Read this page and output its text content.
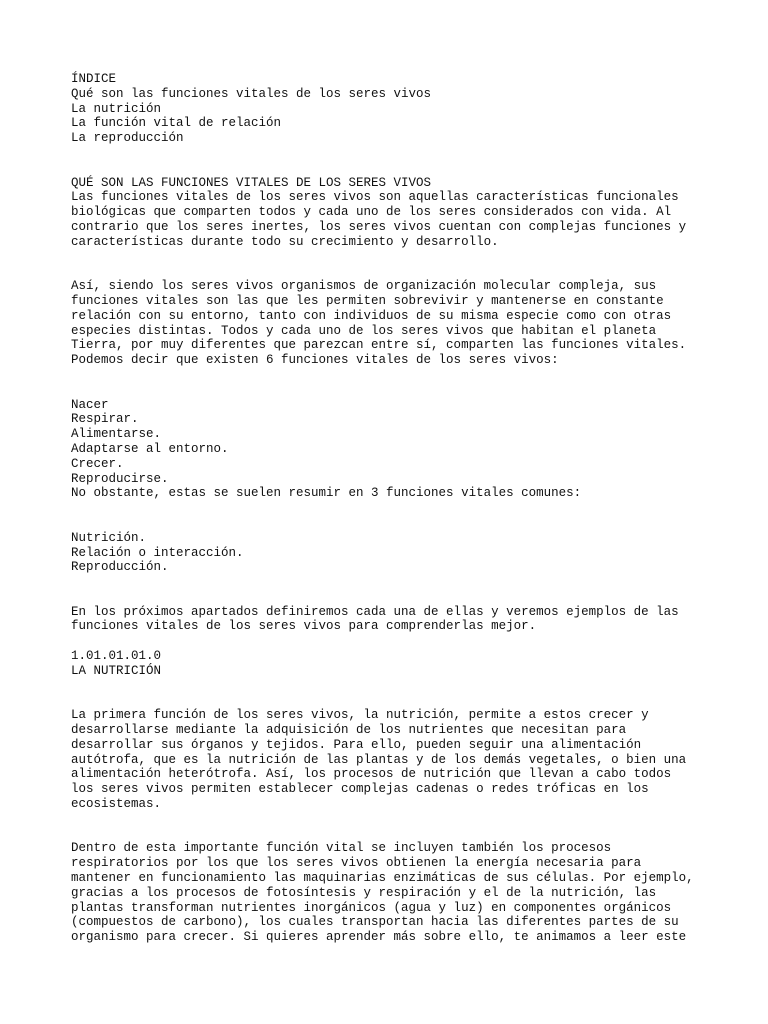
ÍNDICE
Qué son las funciones vitales de los seres vivos
La nutrición
La función vital de relación
La reproducción
QUÉ SON LAS FUNCIONES VITALES DE LOS SERES VIVOS
Las funciones vitales de los seres vivos son aquellas características funcionales
biológicas que comparten todos y cada uno de los seres considerados con vida. Al
contrario que los seres inertes, los seres vivos cuentan con complejas funciones y
características durante todo su crecimiento y desarrollo.
Así, siendo los seres vivos organismos de organización molecular compleja, sus
funciones vitales son las que les permiten sobrevivir y mantenerse en constante
relación con su entorno, tanto con individuos de su misma especie como con otras
especies distintas. Todos y cada uno de los seres vivos que habitan el planeta
Tierra, por muy diferentes que parezcan entre sí, comparten las funciones vitales.
Podemos decir que existen 6 funciones vitales de los seres vivos:
Nacer
Respirar.
Alimentarse.
Adaptarse al entorno.
Crecer.
Reproducirse.
No obstante, estas se suelen resumir en 3 funciones vitales comunes:
Nutrición.
Relación o interacción.
Reproducción.
En los próximos apartados definiremos cada una de ellas y veremos ejemplos de las
funciones vitales de los seres vivos para comprenderlas mejor.
1.01.01.01.0
LA NUTRICIÓN
La primera función de los seres vivos, la nutrición, permite a estos crecer y
desarrollarse mediante la adquisición de los nutrientes que necesitan para
desarrollar sus órganos y tejidos. Para ello, pueden seguir una alimentación
autótrofa, que es la nutrición de las plantas y de los demás vegetales, o bien una
alimentación heterótrofa. Así, los procesos de nutrición que llevan a cabo todos
los seres vivos permiten establecer complejas cadenas o redes tróficas en los
ecosistemas.
Dentro de esta importante función vital se incluyen también los procesos
respiratorios por los que los seres vivos obtienen la energía necesaria para
mantener en funcionamiento las maquinarias enzimáticas de sus células. Por ejemplo,
gracias a los procesos de fotosíntesis y respiración y el de la nutrición, las
plantas transforman nutrientes inorgánicos (agua y luz) en componentes orgánicos
(compuestos de carbono), los cuales transportan hacia las diferentes partes de su
organismo para crecer. Si quieres aprender más sobre ello, te animamos a leer este
